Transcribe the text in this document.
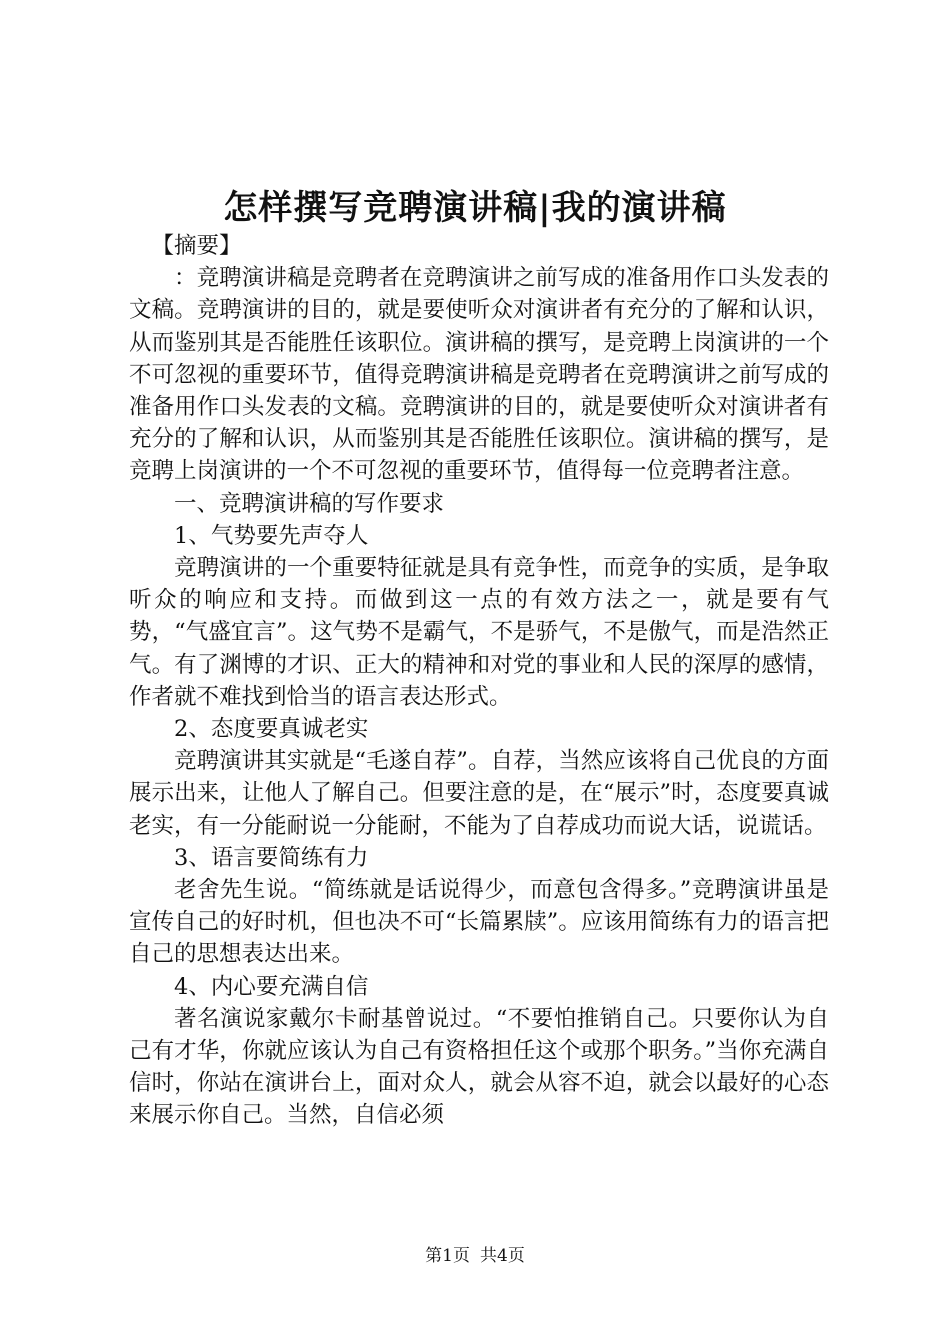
怎样撰写竞聘演讲稿|我的演讲稿

【摘要】

：竞聘演讲稿是竞聘者在竞聘演讲之前写成的准备用作口头发表的文稿。竞聘演讲的目的，就是要使听众对演讲者有充分的了解和认识，从而鉴别其是否能胜任该职位。演讲稿的撰写，是竞聘上岗演讲的一个不可忽视的重要环节，值得竞聘演讲稿是竞聘者在竞聘演讲之前写成的准备用作口头发表的文稿。竞聘演讲的目的，就是要使听众对演讲者有充分的了解和认识，从而鉴别其是否能胜任该职位。演讲稿的撰写，是竞聘上岗演讲的一个不可忽视的重要环节，值得每一位竞聘者注意。

一、竞聘演讲稿的写作要求

1、气势要先声夺人

竞聘演讲的一个重要特征就是具有竞争性，而竞争的实质，是争取听众的响应和支持。而做到这一点的有效方法之一，就是要有气势，“气盛宜言”。这气势不是霸气，不是骄气，不是傲气，而是浩然正气。有了渊博的才识、正大的精神和对党的事业和人民的深厚的感情，作者就不难找到恰当的语言表达形式。

2、态度要真诚老实

竞聘演讲其实就是“毛遂自荐”。自荐，当然应该将自己优良的方面展示出来，让他人了解自己。但要注意的是，在“展示”时，态度要真诚老实，有一分能耐说一分能耐，不能为了自荐成功而说大话，说谎话。

3、语言要简练有力

老舍先生说。“简练就是话说得少，而意包含得多。”竞聘演讲虽是宣传自己的好时机，但也决不可“长篇累牍”。应该用简练有力的语言把自己的思想表达出来。

4、内心要充满自信

著名演说家戴尔卡耐基曾说过。“不要怕推销自己。只要你认为自己有才华，你就应该认为自己有资格担任这个或那个职务。”当你充满自信时，你站在演讲台上，面对众人，就会从容不迫，就会以最好的心态来展示你自己。当然，自信必须

第1页 共4页
